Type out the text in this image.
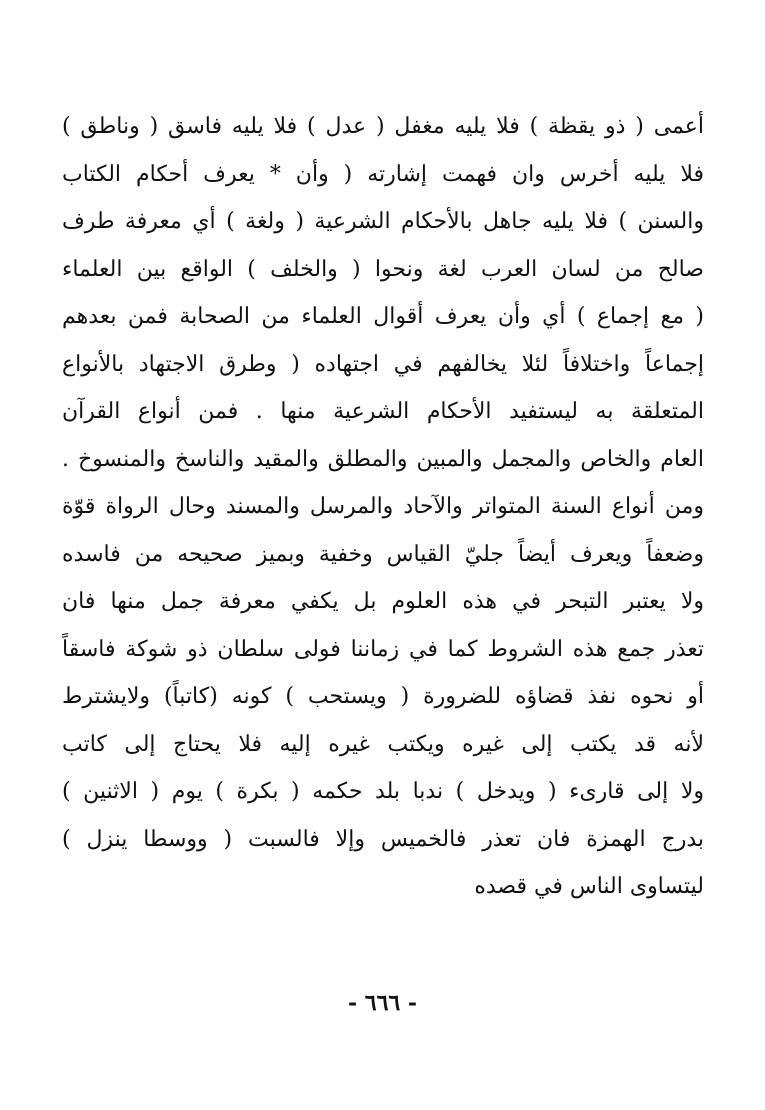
أعمى ( ذو يقظة ) فلا يليه مغفل ( عدل ) فلا يليه فاسق ( وناطق )
فلا يليه أخرس وان فهمت إشارته ( وأن * يعرف أحكام الكتاب
والسنن ) فلا يليه جاهل بالأحكام الشرعية ( ولغة ) أي معرفة طرف
صالح من لسان العرب لغة ونحوا ( والخلف ) الواقع بين العلماء
( مع إجماع ) أي وأن يعرف أقوال العلماء من الصحابة فمن بعدهم
إجماعاً واختلافاً لئلا يخالفهم في اجتهاده ( وطرق الاجتهاد بالأنواع
المتعلقة به ليستفيد الأحكام الشرعية منها . فمن أنواع القرآن
العام والخاص والمجمل والمبين والمطلق والمقيد والناسخ والمنسوخ .
ومن أنواع السنة المتواتر والآحاد والمرسل والمسند وحال الرواة قوّة
وضعفاً ويعرف أيضاً جليّ القياس وخفية وبميز صحيحه من فاسده
ولا يعتبر التبحر في هذه العلوم بل يكفي معرفة جمل منها فان
تعذر جمع هذه الشروط كما في زماننا فولى سلطان ذو شوكة فاسقاً
أو نحوه نفذ قضاؤه للضرورة ( ويستحب ) كونه (كاتباً) ولايشترط
لأنه قد يكتب إلى غيره ويكتب غيره إليه فلا يحتاج إلى كاتب
ولا إلى قارىء ( ويدخل ) ندبا بلد حكمه ( بكرة ) يوم ( الاثنين )
بدرج الهمزة فان تعذر فالخميس وإلا فالسبت ( ووسطا ينزل )
ليتساوى الناس في قصده
- ٦٦٦ -
